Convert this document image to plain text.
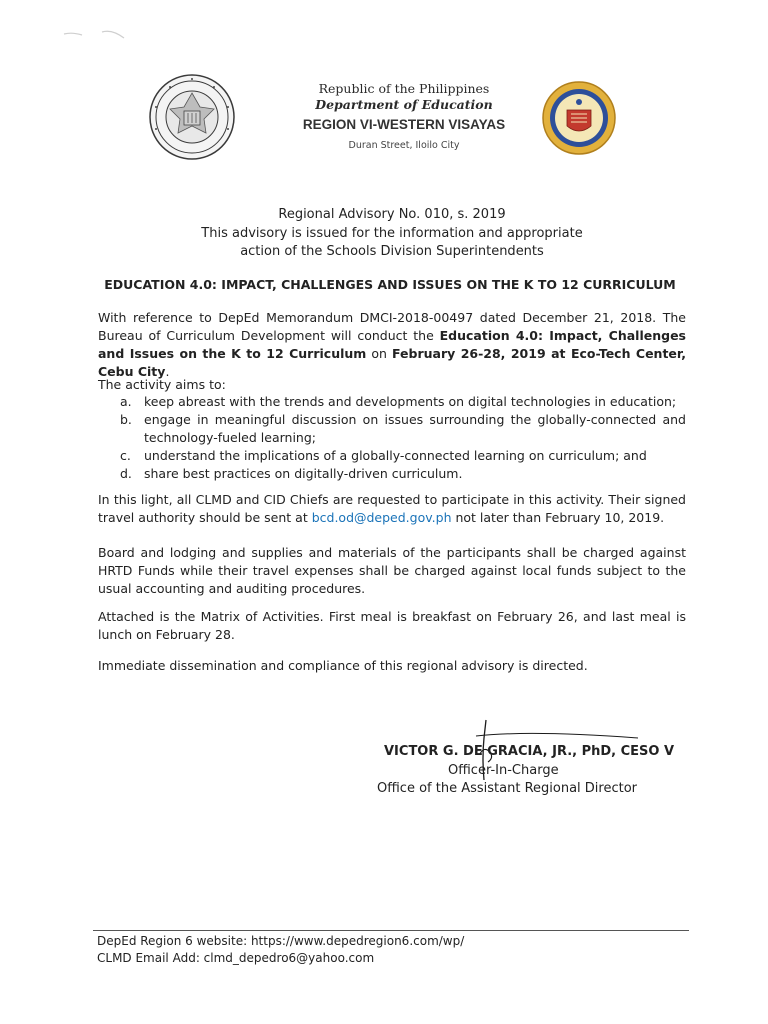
Republic of the Philippines
Department of Education
REGION VI-WESTERN VISAYAS
Duran Street, Iloilo City
Regional Advisory No. 010, s. 2019
This advisory is issued for the information and appropriate
action of the Schools Division Superintendents
EDUCATION 4.0: IMPACT, CHALLENGES AND ISSUES ON THE K TO 12 CURRICULUM
With reference to DepEd Memorandum DMCI-2018-00497 dated December 21, 2018. The Bureau of Curriculum Development will conduct the Education 4.0: Impact, Challenges and Issues on the K to 12 Curriculum on February 26-28, 2019 at Eco-Tech Center, Cebu City.
The activity aims to:
a. keep abreast with the trends and developments on digital technologies in education;
b. engage in meaningful discussion on issues surrounding the globally-connected and technology-fueled learning;
c. understand the implications of a globally-connected learning on curriculum; and
d. share best practices on digitally-driven curriculum.
In this light, all CLMD and CID Chiefs are requested to participate in this activity. Their signed travel authority should be sent at bcd.od@deped.gov.ph not later than February 10, 2019.
Board and lodging and supplies and materials of the participants shall be charged against HRTD Funds while their travel expenses shall be charged against local funds subject to the usual accounting and auditing procedures.
Attached is the Matrix of Activities. First meal is breakfast on February 26, and last meal is lunch on February 28.
Immediate dissemination and compliance of this regional advisory is directed.
VICTOR G. DE GRACIA, JR., PhD, CESO V
Officer-In-Charge
Office of the Assistant Regional Director
DepEd Region 6 website: https://www.depedregion6.com/wp/
CLMD Email Add: clmd_depedro6@yahoo.com
